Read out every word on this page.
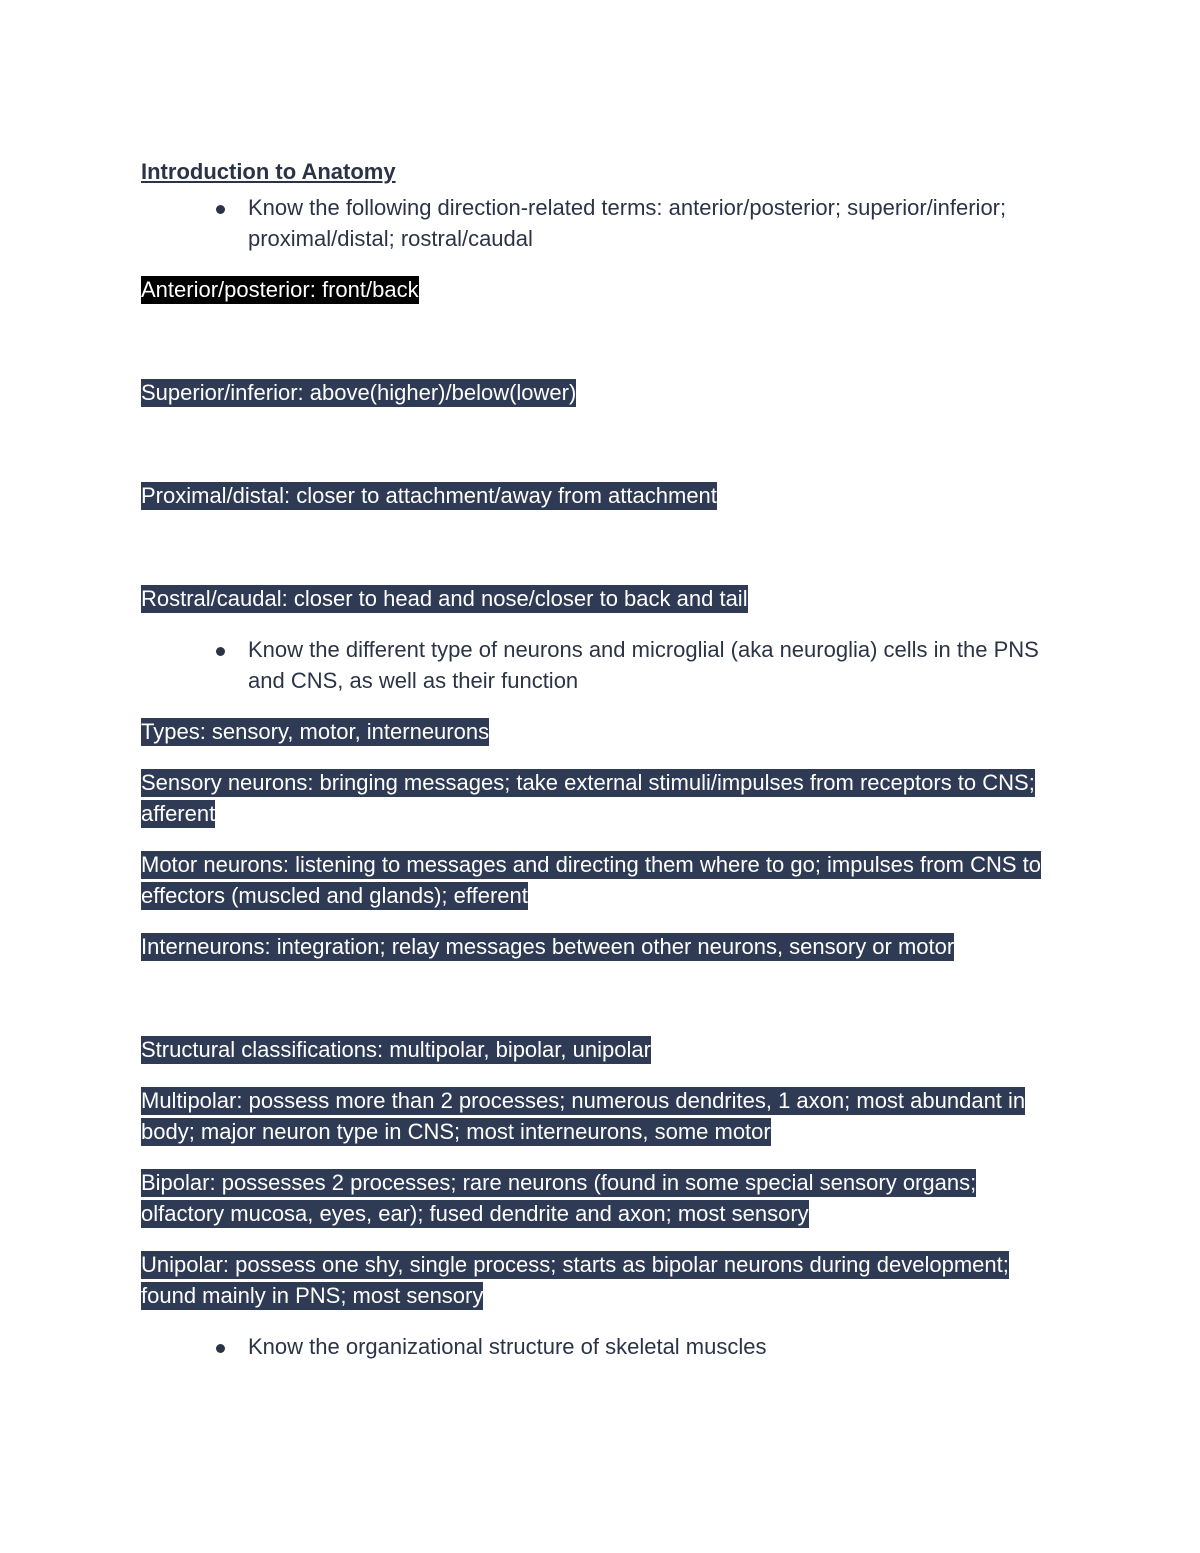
Introduction to Anatomy

Know the following direction-related terms: anterior/posterior; superior/inferior; proximal/distal; rostral/caudal

Anterior/posterior: front/back

Superior/inferior: above(higher)/below(lower)

Proximal/distal: closer to attachment/away from attachment

Rostral/caudal: closer to head and nose/closer to back and tail

Know the different type of neurons and microglial (aka neuroglia) cells in the PNS and CNS, as well as their function

Types: sensory, motor, interneurons

Sensory neurons: bringing messages; take external stimuli/impulses from receptors to CNS; afferent

Motor neurons: listening to messages and directing them where to go; impulses from CNS to effectors (muscled and glands); efferent

Interneurons: integration; relay messages between other neurons, sensory or motor

Structural classifications: multipolar, bipolar, unipolar

Multipolar: possess more than 2 processes; numerous dendrites, 1 axon; most abundant in body; major neuron type in CNS; most interneurons, some motor

Bipolar: possesses 2 processes; rare neurons (found in some special sensory organs; olfactory mucosa, eyes, ear); fused dendrite and axon; most sensory

Unipolar: possess one shy, single process; starts as bipolar neurons during development; found mainly in PNS; most sensory

Know the organizational structure of skeletal muscles
